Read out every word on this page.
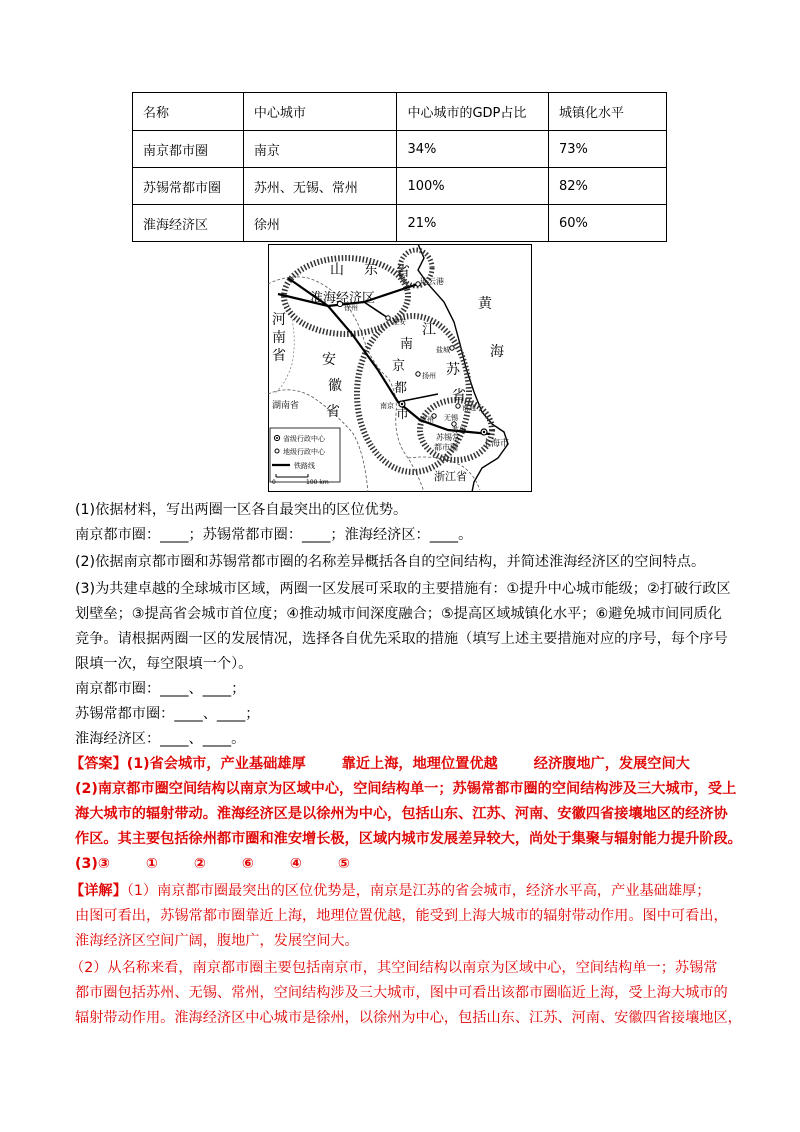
名称	中心城市	中心城市的GDP占比	城镇化水平
南京都市圈	南京	34%	73%
苏锡常都市圈	苏州、无锡、常州	100%	82%
淮海经济区	徐州	21%	60%
山 东 省
淮海经济区
连云港
河
南
省
黄
海
江
苏
省
安
徽
省
湖南省
南
京
都
市
苏锡常
都市圈	上海市
浙江省
徐州
淮安
盐城
扬州
南京	南通
常州 无锡
苏州
省级行政中心
地级行政中心
铁路线
0	100 km
(1)依据材料，写出两圈一区各自最突出的区位优势。
南京都市圈：____；苏锡常都市圈：____；淮海经济区：____。
(2)依据南京都市圈和苏锡常都市圈的名称差异概括各自的空间结构，并简述淮海经济区的空间特点。
(3)为共建卓越的全球城市区域，两圈一区发展可采取的主要措施有：①提升中心城市能级；②打破行政区
划壁垒；③提高省会城市首位度；④推动城市间深度融合；⑤提高区域城镇化水平；⑥避免城市间同质化
竞争。请根据两圈一区的发展情况，选择各自优先采取的措施（填写上述主要措施对应的序号，每个序号
限填一次，每空限填一个）。
南京都市圈：____、____；
苏锡常都市圈：____、____；
淮海经济区：____、____。
【答案】(1)省会城市，产业基础雄厚	靠近上海，地理位置优越	经济腹地广，发展空间大
(2)南京都市圈空间结构以南京为区域中心，空间结构单一；苏锡常都市圈的空间结构涉及三大城市，受上
海大城市的辐射带动。淮海经济区是以徐州为中心，包括山东、江苏、河南、安徽四省接壤地区的经济协
作区。其主要包括徐州都市圈和淮安增长极，区域内城市发展差异较大，尚处于集聚与辐射能力提升阶段。
(3)③	①	②	⑥	④	⑤
【详解】（1）南京都市圈最突出的区位优势是，南京是江苏的省会城市，经济水平高，产业基础雄厚；
由图可看出，苏锡常都市圈靠近上海，地理位置优越，能受到上海大城市的辐射带动作用。图中可看出，
淮海经济区空间广阔，腹地广，发展空间大。
（2）从名称来看，南京都市圈主要包括南京市，其空间结构以南京为区域中心，空间结构单一；苏锡常
都市圈包括苏州、无锡、常州，空间结构涉及三大城市，图中可看出该都市圈临近上海，受上海大城市的
辐射带动作用。淮海经济区中心城市是徐州，以徐州为中心，包括山东、江苏、河南、安徽四省接壤地区，
